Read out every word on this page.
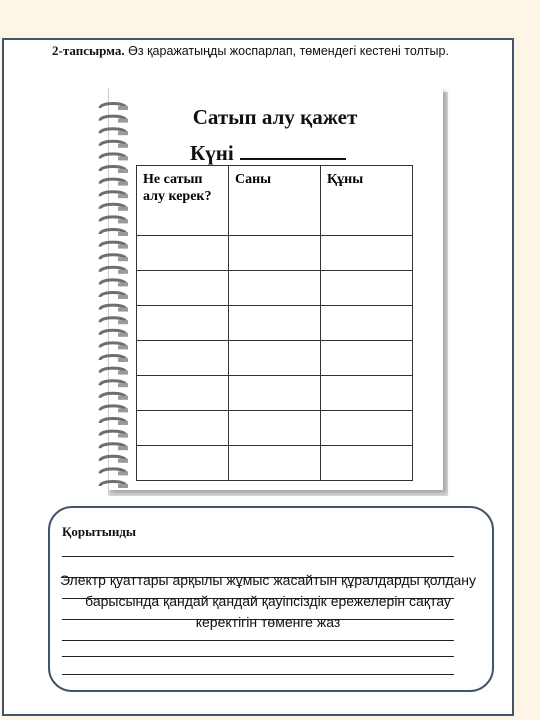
2-тапсырма. Өз қаражатыңды жоспарлап, төмендегі кестені толтыр.
Сатып алу қажет
Күні
Не сатып алу керек?	Саны	Құны

Қорытынды
Электр қуаттары арқылы жұмыс жасайтын құралдарды қолдану барысында қандай қандай қауіпсіздік ережелерін сақтау керектігін төменге жаз
